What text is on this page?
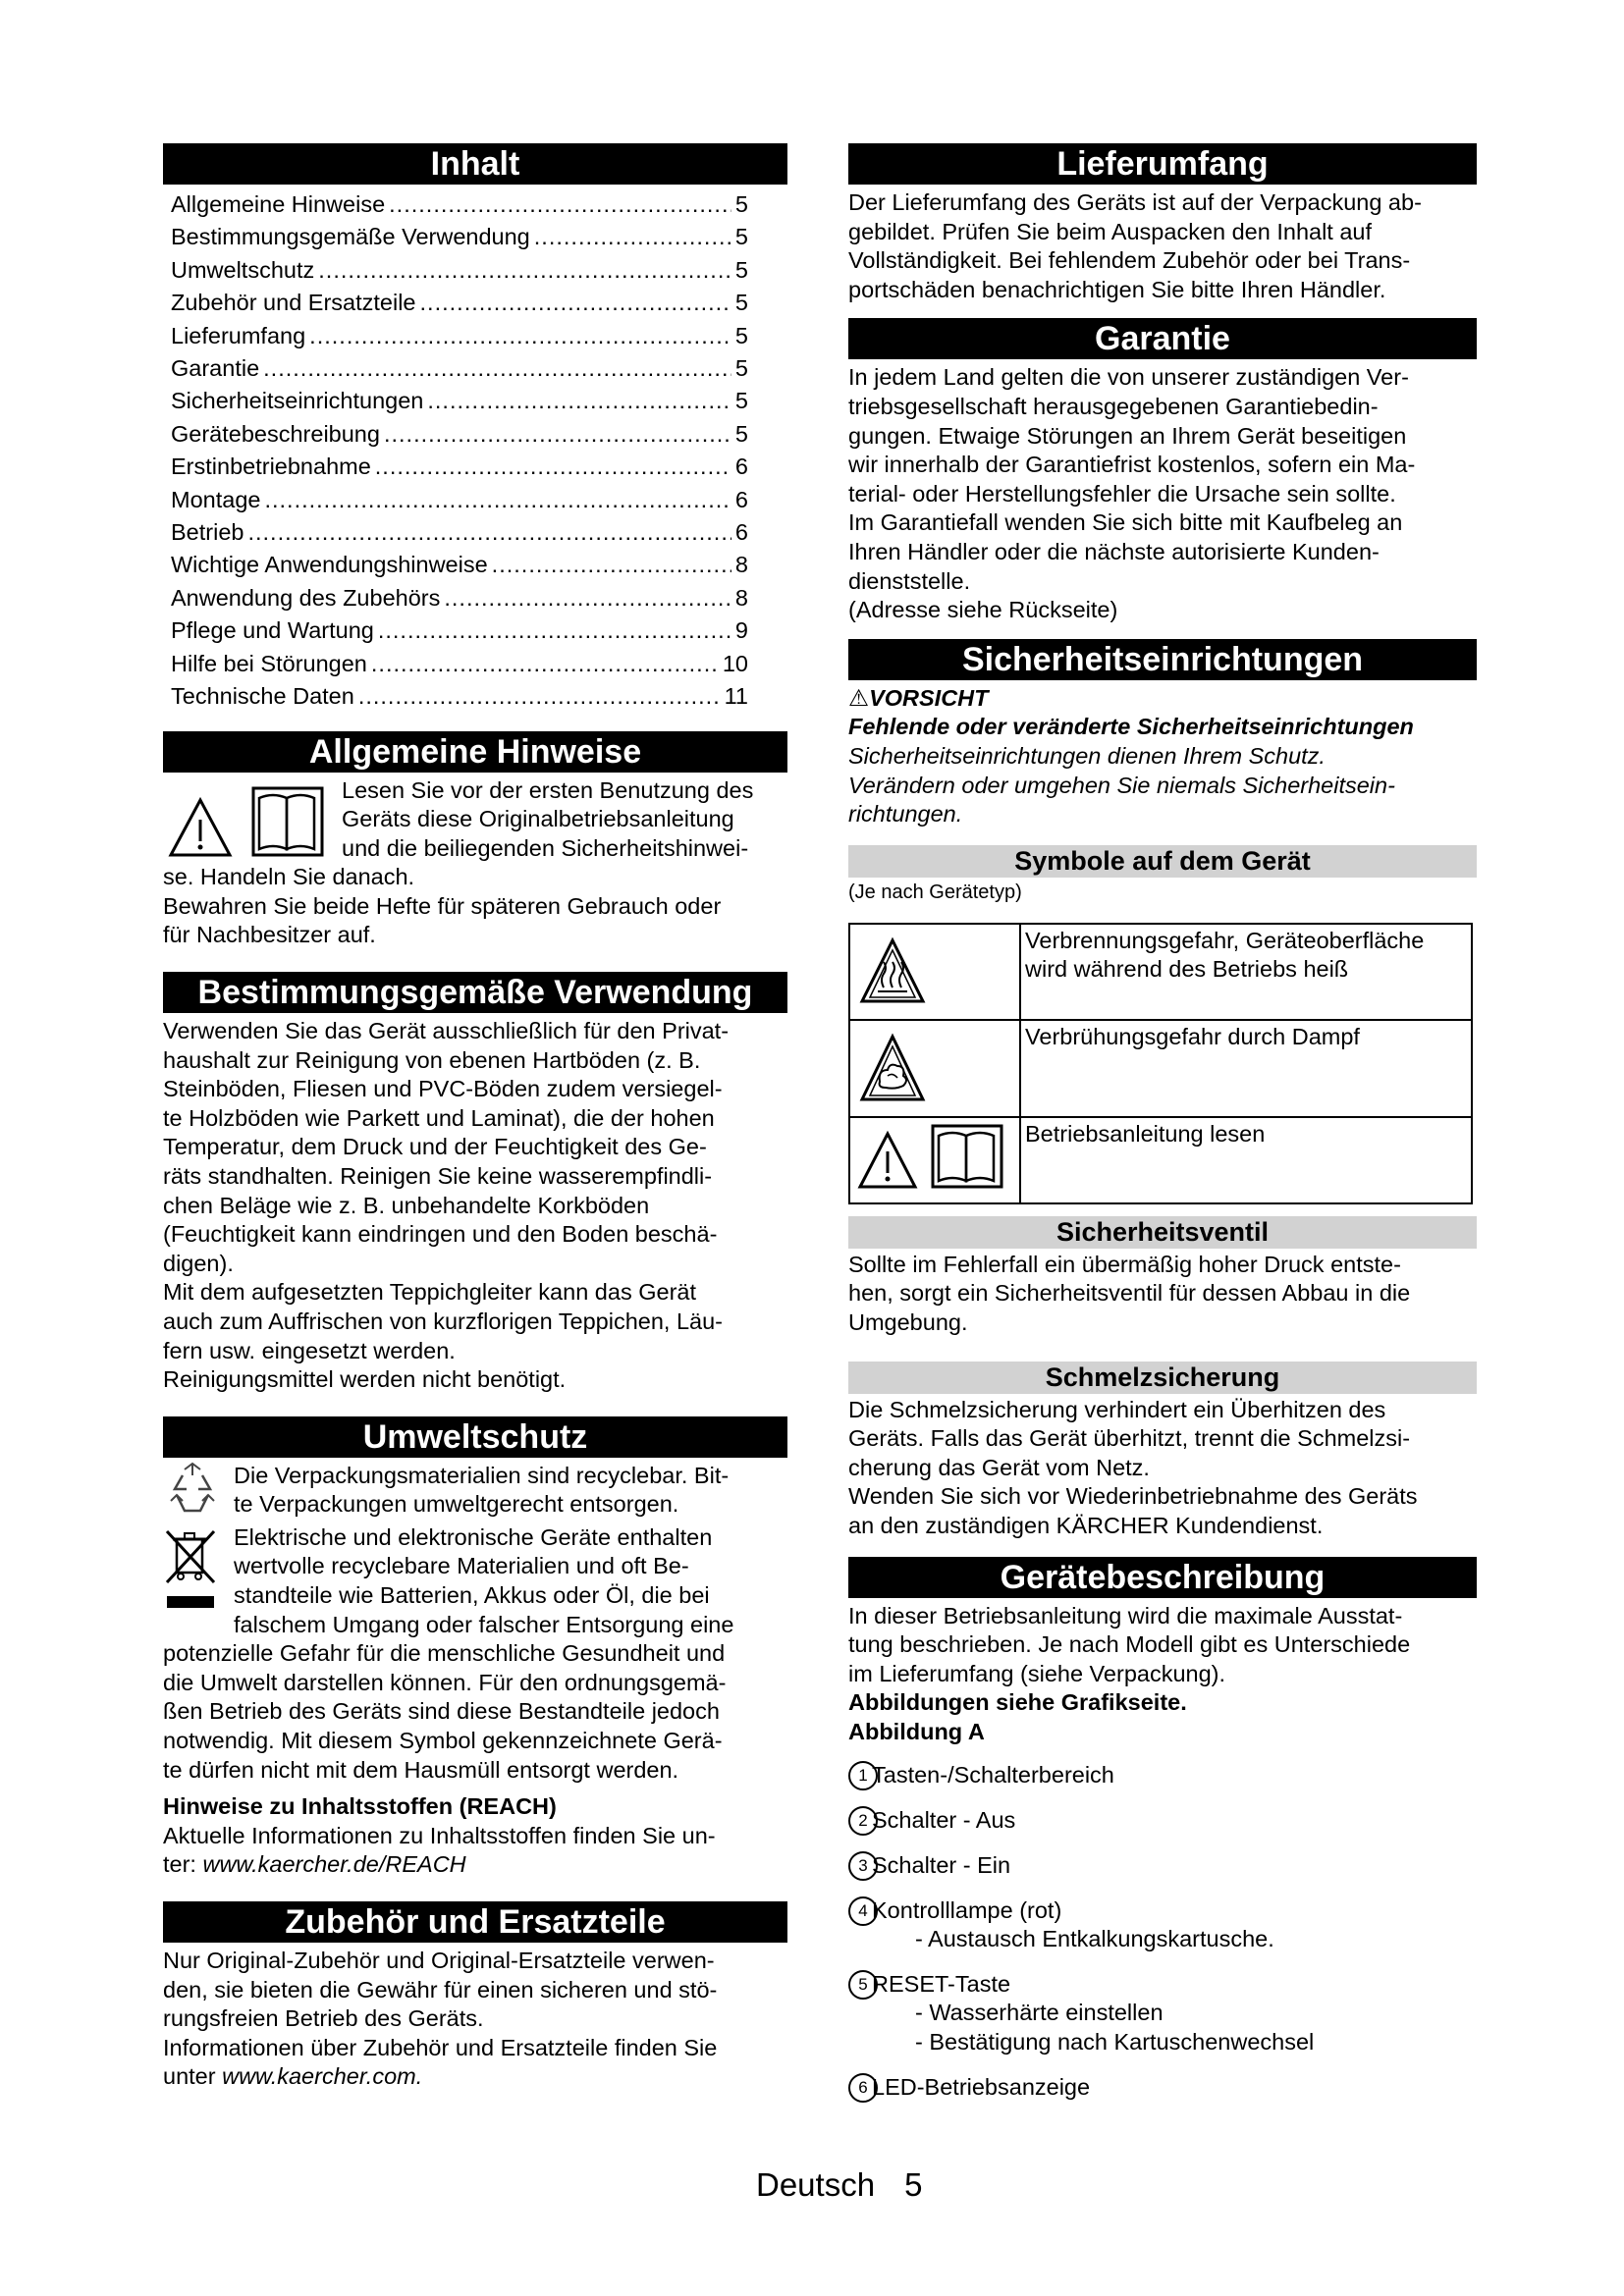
Inhalt
Allgemeine Hinweise .....	5
Bestimmungsgemäße Verwendung .....	5
Umweltschutz .....	5
Zubehör und Ersatzteile .....	5
Lieferumfang .....	5
Garantie .....	5
Sicherheitseinrichtungen .....	5
Gerätebeschreibung .....	5
Erstinbetriebnahme .....	6
Montage .....	6
Betrieb .....	6
Wichtige Anwendungshinweise .....	8
Anwendung des Zubehörs .....	8
Pflege und Wartung .....	9
Hilfe bei Störungen .....	10
Technische Daten .....	11
Allgemeine Hinweise

Lesen Sie vor der ersten Benutzung des

Geräts diese Originalbetriebsanleitung

und die beiliegenden Sicherheitshinwei-

se. Handeln Sie danach.

Bewahren Sie beide Hefte für späteren Gebrauch oder

für Nachbesitzer auf.

Bestimmungsgemäße Verwendung

Verwenden Sie das Gerät ausschließlich für den Privat-

haushalt zur Reinigung von ebenen Hartböden (z. B.

Steinböden, Fliesen und PVC-Böden zudem versiegel-

te Holzböden wie Parkett und Laminat), die der hohen

Temperatur, dem Druck und der Feuchtigkeit des Ge-

räts standhalten. Reinigen Sie keine wasserempfindli-

chen Beläge wie z. B. unbehandelte Korkböden

(Feuchtigkeit kann eindringen und den Boden beschä-

digen).

Mit dem aufgesetzten Teppichgleiter kann das Gerät

auch zum Auffrischen von kurzflorigen Teppichen, Läu-

fern usw. eingesetzt werden.

Reinigungsmittel werden nicht benötigt.

Umweltschutz

Die Verpackungsmaterialien sind recyclebar. Bit-

te Verpackungen umweltgerecht entsorgen.

Elektrische und elektronische Geräte enthalten

wertvolle recyclebare Materialien und oft Be-

standteile wie Batterien, Akkus oder Öl, die bei

falschem Umgang oder falscher Entsorgung eine

potenzielle Gefahr für die menschliche Gesundheit und

die Umwelt darstellen können. Für den ordnungsgemä-

ßen Betrieb des Geräts sind diese Bestandteile jedoch

notwendig. Mit diesem Symbol gekennzeichnete Gerä-

te dürfen nicht mit dem Hausmüll entsorgt werden.

Hinweise zu Inhaltsstoffen (REACH)

Aktuelle Informationen zu Inhaltsstoffen finden Sie un-

ter: www.kaercher.de/REACH

Zubehör und Ersatzteile

Nur Original-Zubehör und Original-Ersatzteile verwen-

den, sie bieten die Gewähr für einen sicheren und stö-

rungsfreien Betrieb des Geräts.

Informationen über Zubehör und Ersatzteile finden Sie

unter www.kaercher.com.

Lieferumfang

Der Lieferumfang des Geräts ist auf der Verpackung ab-

gebildet. Prüfen Sie beim Auspacken den Inhalt auf

Vollständigkeit. Bei fehlendem Zubehör oder bei Trans-

portschäden benachrichtigen Sie bitte Ihren Händler.

Garantie

In jedem Land gelten die von unserer zuständigen Ver-

triebsgesellschaft herausgegebenen Garantiebedin-

gungen. Etwaige Störungen an Ihrem Gerät beseitigen

wir innerhalb der Garantiefrist kostenlos, sofern ein Ma-

terial- oder Herstellungsfehler die Ursache sein sollte.

Im Garantiefall wenden Sie sich bitte mit Kaufbeleg an

Ihren Händler oder die nächste autorisierte Kunden-

dienststelle.

(Adresse siehe Rückseite)

Sicherheitseinrichtungen

⚠VORSICHT

Fehlende oder veränderte Sicherheitseinrichtungen

Sicherheitseinrichtungen dienen Ihrem Schutz.

Verändern oder umgehen Sie niemals Sicherheitsein-

richtungen.

Symbole auf dem Gerät

(Je nach Gerätetyp)

Verbrennungsgefahr, Geräteoberfläche

wird während des Betriebs heiß

Verbrühungsgefahr durch Dampf

Betriebsanleitung lesen

Sicherheitsventil

Sollte im Fehlerfall ein übermäßig hoher Druck entste-

hen, sorgt ein Sicherheitsventil für dessen Abbau in die

Umgebung.

Schmelzsicherung

Die Schmelzsicherung verhindert ein Überhitzen des

Geräts. Falls das Gerät überhitzt, trennt die Schmelzsi-

cherung das Gerät vom Netz.

Wenden Sie sich vor Wiederinbetriebnahme des Geräts

an den zuständigen KÄRCHER Kundendienst.

Gerätebeschreibung

In dieser Betriebsanleitung wird die maximale Ausstat-

tung beschrieben. Je nach Modell gibt es Unterschiede

im Lieferumfang (siehe Verpackung).

Abbildungen siehe Grafikseite.

Abbildung A

1 Tasten-/Schalterbereich

2 Schalter - Aus

3 Schalter - Ein

4 Kontrolllampe (rot)

- Austausch Entkalkungskartusche.

5 RESET-Taste

- Wasserhärte einstellen

- Bestätigung nach Kartuschenwechsel

6 LED-Betriebsanzeige

Deutsch 5
